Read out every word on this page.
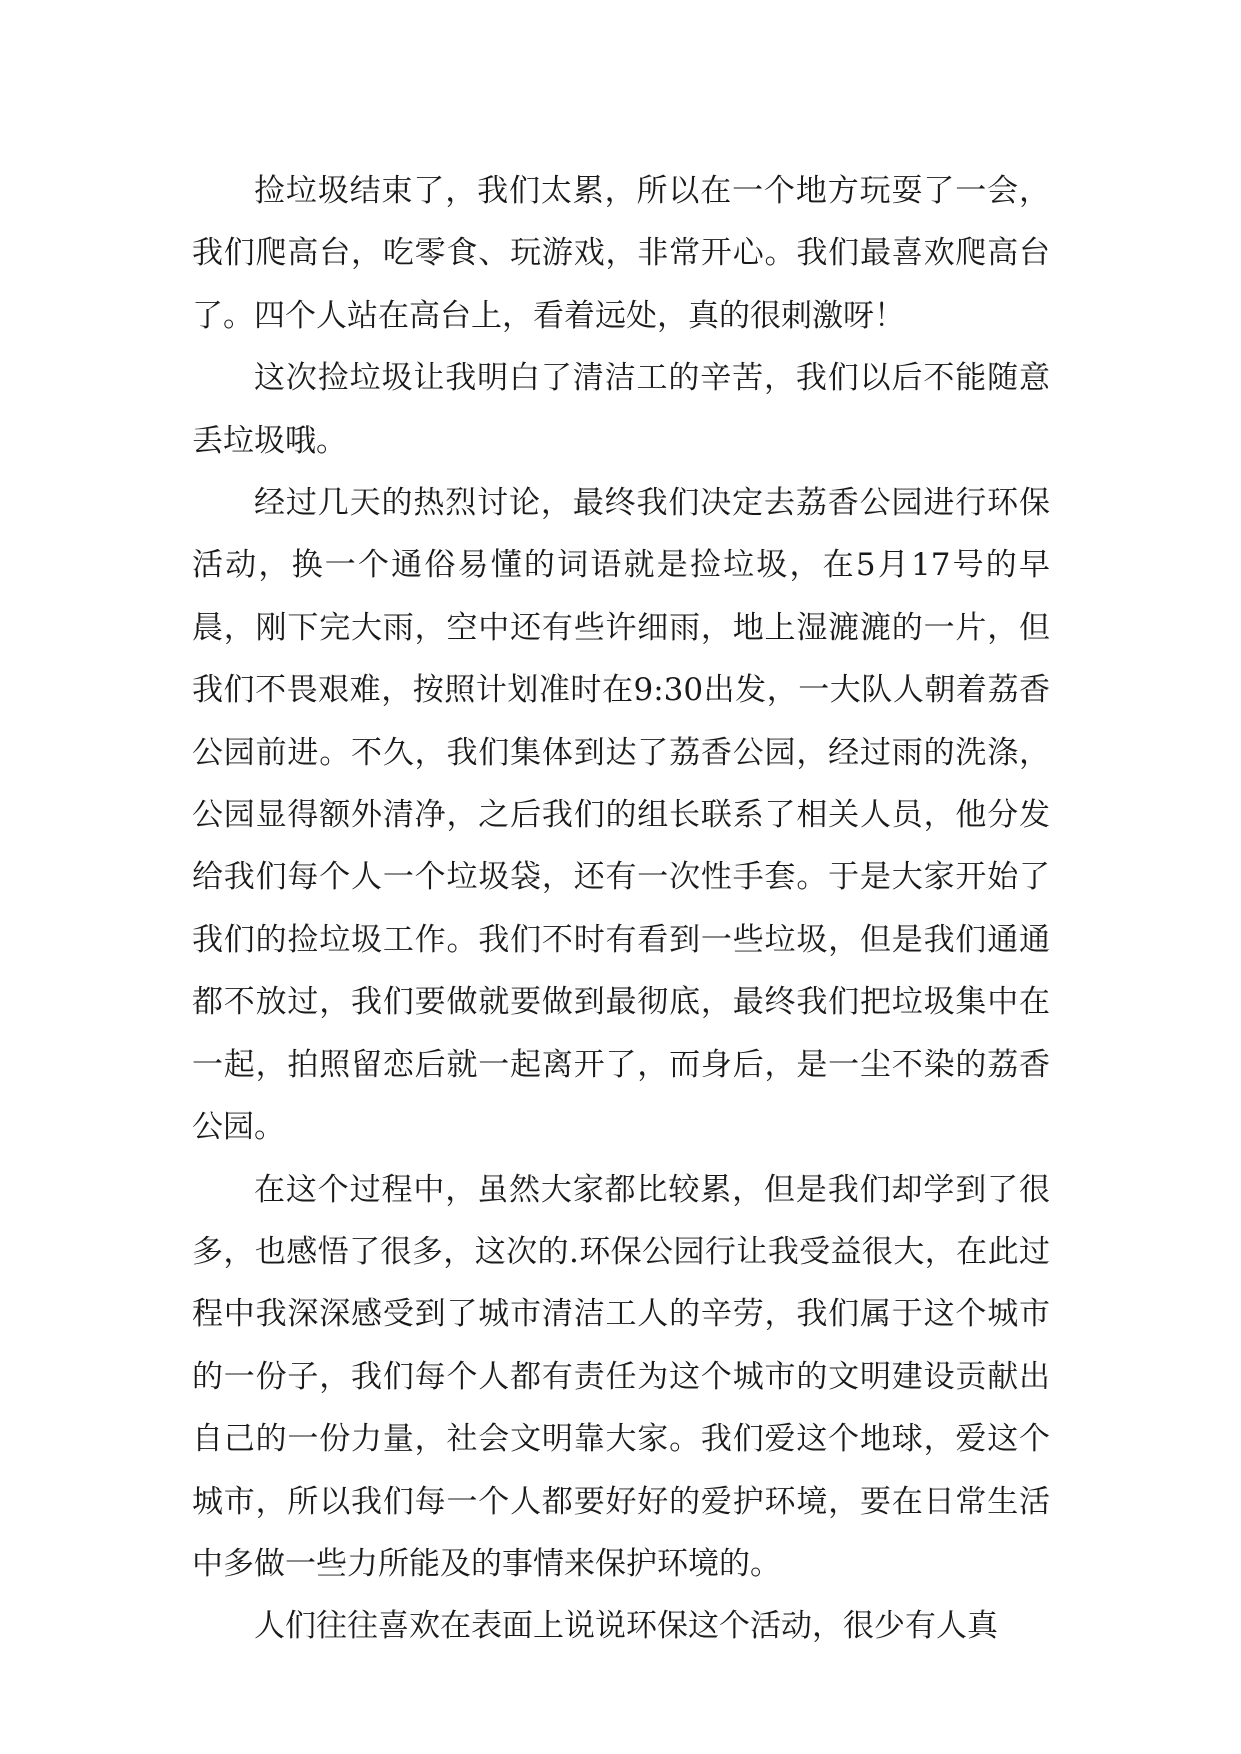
捡垃圾结束了，我们太累，所以在一个地方玩耍了一会，我们爬高台，吃零食、玩游戏，非常开心。我们最喜欢爬高台了。四个人站在高台上，看着远处，真的很刺激呀！

这次捡垃圾让我明白了清洁工的辛苦，我们以后不能随意丢垃圾哦。

经过几天的热烈讨论，最终我们决定去荔香公园进行环保活动，换一个通俗易懂的词语就是捡垃圾，在5月17号的早晨，刚下完大雨，空中还有些许细雨，地上湿漉漉的一片，但我们不畏艰难，按照计划准时在9:30出发，一大队人朝着荔香公园前进。不久，我们集体到达了荔香公园，经过雨的洗涤，公园显得额外清净，之后我们的组长联系了相关人员，他分发给我们每个人一个垃圾袋，还有一次性手套。于是大家开始了我们的捡垃圾工作。我们不时有看到一些垃圾，但是我们通通都不放过，我们要做就要做到最彻底，最终我们把垃圾集中在一起，拍照留恋后就一起离开了，而身后，是一尘不染的荔香公园。

在这个过程中，虽然大家都比较累，但是我们却学到了很多，也感悟了很多，这次的.环保公园行让我受益很大，在此过程中我深深感受到了城市清洁工人的辛劳，我们属于这个城市的一份子，我们每个人都有责任为这个城市的文明建设贡献出自己的一份力量，社会文明靠大家。我们爱这个地球，爱这个城市，所以我们每一个人都要好好的爱护环境，要在日常生活中多做一些力所能及的事情来保护环境的。

人们往往喜欢在表面上说说环保这个活动，很少有人真
